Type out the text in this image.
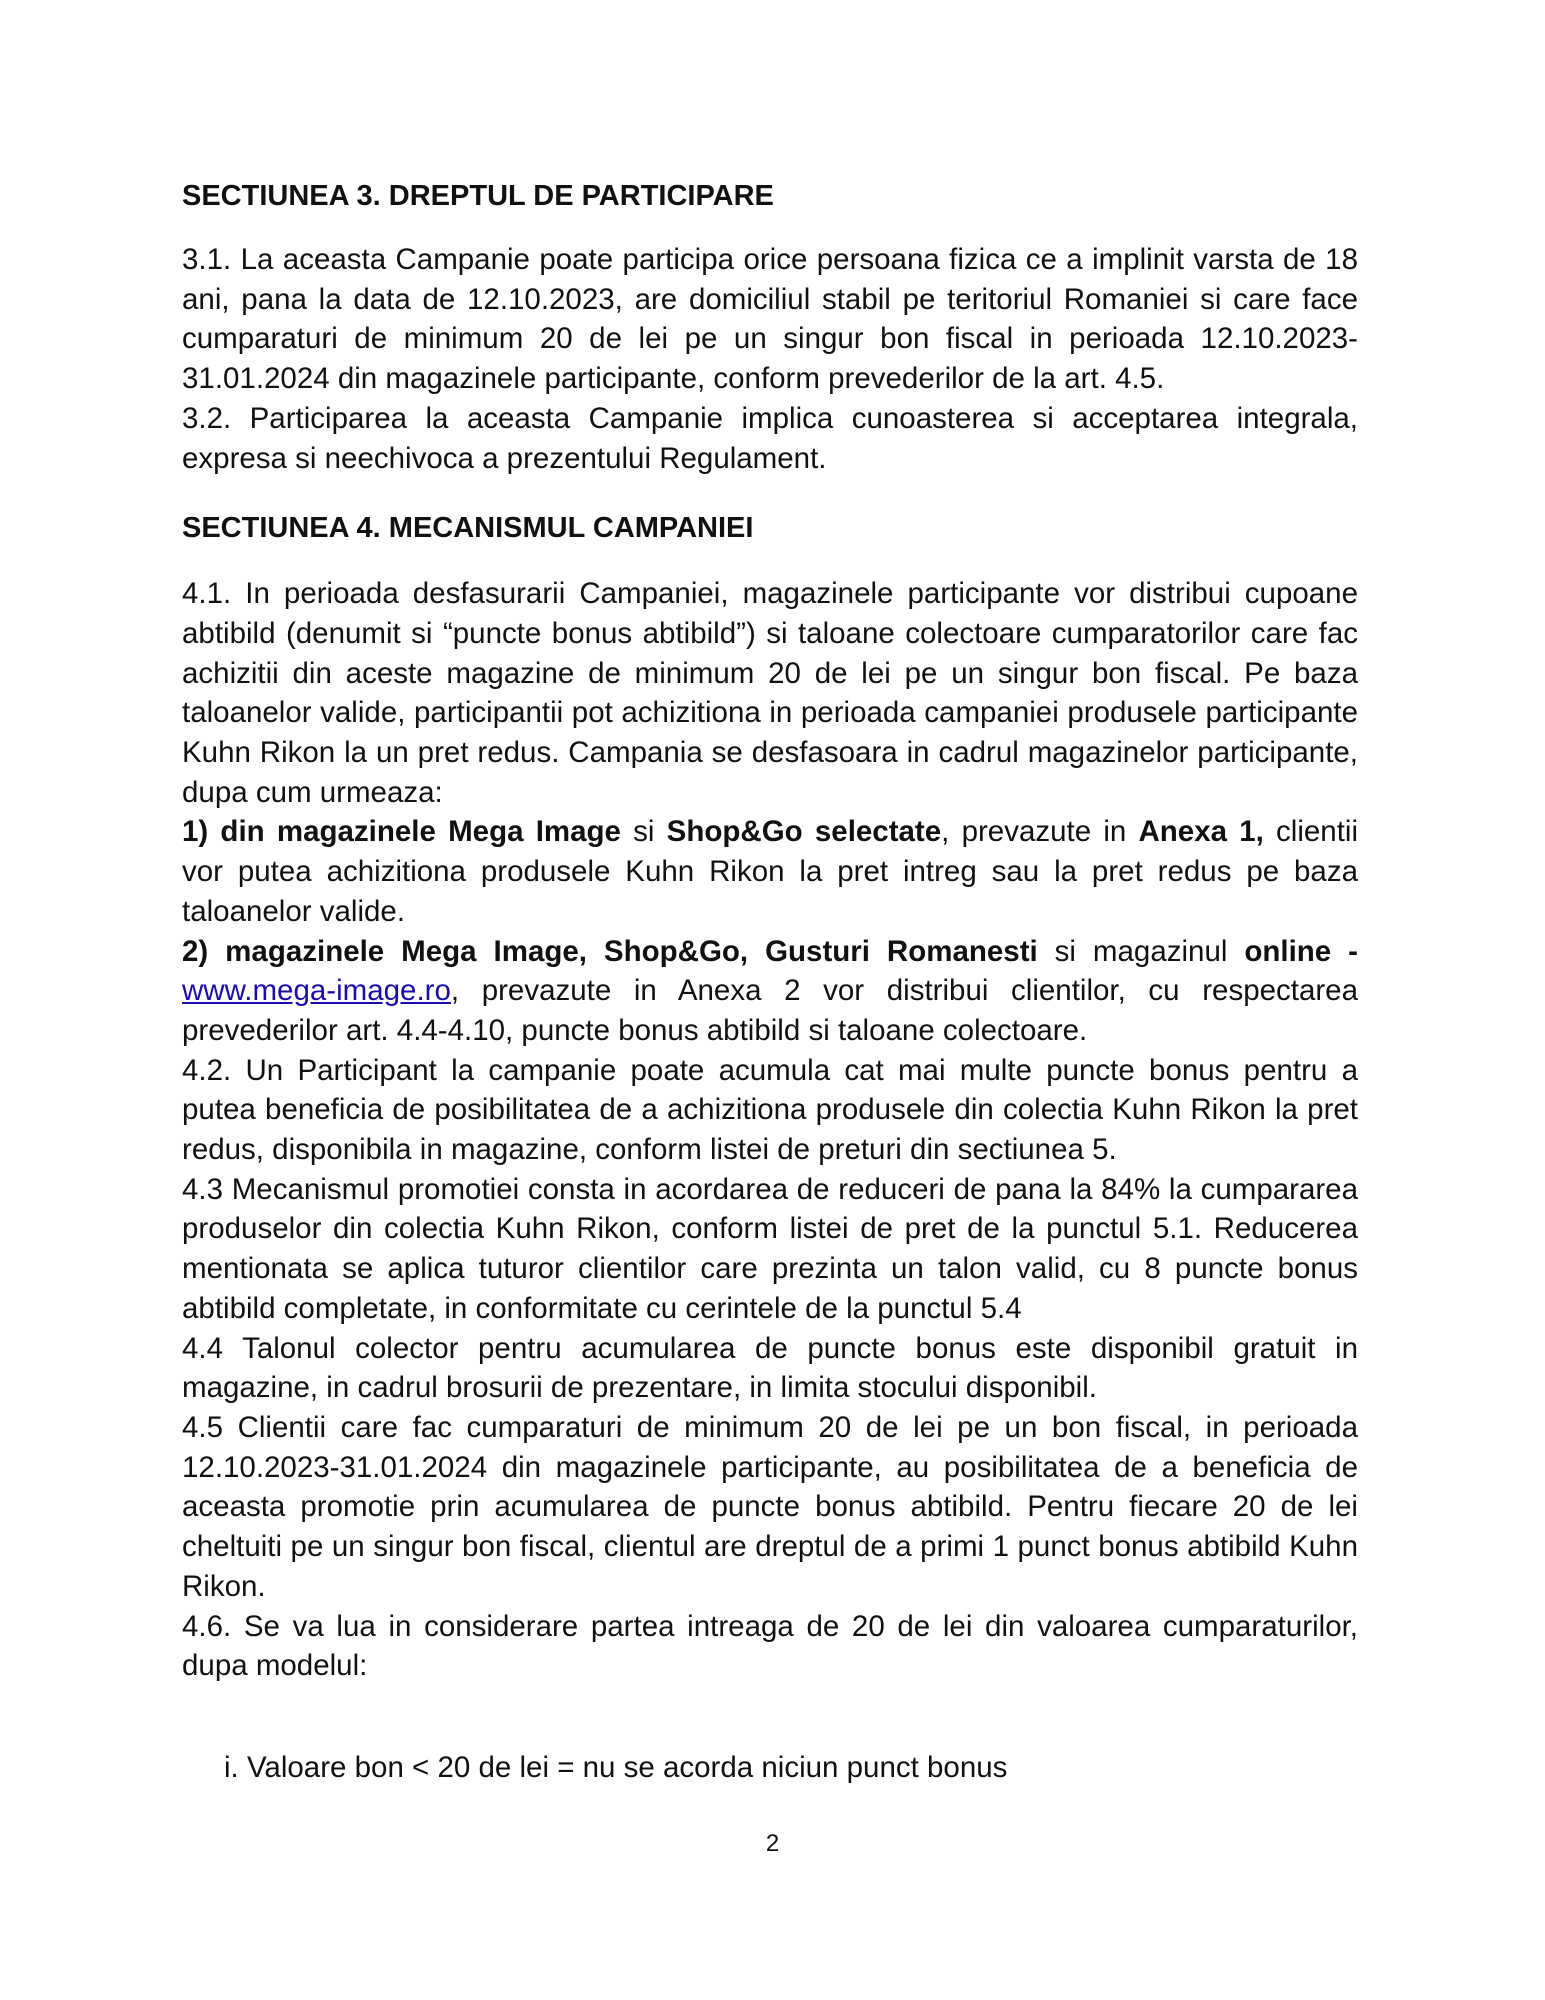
SECTIUNEA 3. DREPTUL DE PARTICIPARE

3.1. La aceasta Campanie poate participa orice persoana fizica ce a implinit varsta de 18 ani, pana la data de 12.10.2023, are domiciliul stabil pe teritoriul Romaniei si care face cumparaturi de minimum 20 de lei pe un singur bon fiscal in perioada 12.10.2023-31.01.2024 din magazinele participante, conform prevederilor de la art. 4.5.

3.2. Participarea la aceasta Campanie implica cunoasterea si acceptarea integrala, expresa si neechivoca a prezentului Regulament.

SECTIUNEA 4. MECANISMUL CAMPANIEI

4.1. In perioada desfasurarii Campaniei, magazinele participante vor distribui cupoane abtibild (denumit si “puncte bonus abtibild”) si taloane colectoare cumparatorilor care fac achizitii din aceste magazine de minimum 20 de lei pe un singur bon fiscal. Pe baza taloanelor valide, participantii pot achizitiona in perioada campaniei produsele participante Kuhn Rikon la un pret redus. Campania se desfasoara in cadrul magazinelor participante, dupa cum urmeaza:

1) din magazinele Mega Image si Shop&Go selectate, prevazute in Anexa 1, clientii vor putea achizitiona produsele Kuhn Rikon la pret intreg sau la pret redus pe baza taloanelor valide.

2) magazinele Mega Image, Shop&Go, Gusturi Romanesti si magazinul online - www.mega-image.ro, prevazute in Anexa 2 vor distribui clientilor, cu respectarea prevederilor art. 4.4-4.10, puncte bonus abtibild si taloane colectoare.

4.2. Un Participant la campanie poate acumula cat mai multe puncte bonus pentru a putea beneficia de posibilitatea de a achizitiona produsele din colectia Kuhn Rikon la pret redus, disponibila in magazine, conform listei de preturi din sectiunea 5.

4.3 Mecanismul promotiei consta in acordarea de reduceri de pana la 84% la cumpararea produselor din colectia Kuhn Rikon, conform listei de pret de la punctul 5.1. Reducerea mentionata se aplica tuturor clientilor care prezinta un talon valid, cu 8 puncte bonus abtibild completate, in conformitate cu cerintele de la punctul 5.4

4.4 Talonul colector pentru acumularea de puncte bonus este disponibil gratuit in magazine, in cadrul brosurii de prezentare, in limita stocului disponibil.

4.5 Clientii care fac cumparaturi de minimum 20 de lei pe un bon fiscal, in perioada 12.10.2023-31.01.2024 din magazinele participante, au posibilitatea de a beneficia de aceasta promotie prin acumularea de puncte bonus abtibild. Pentru fiecare 20 de lei cheltuiti pe un singur bon fiscal, clientul are dreptul de a primi 1 punct bonus abtibild Kuhn Rikon.

4.6. Se va lua in considerare partea intreaga de 20 de lei din valoarea cumparaturilor, dupa modelul:

i. Valoare bon < 20 de lei = nu se acorda niciun punct bonus

2
